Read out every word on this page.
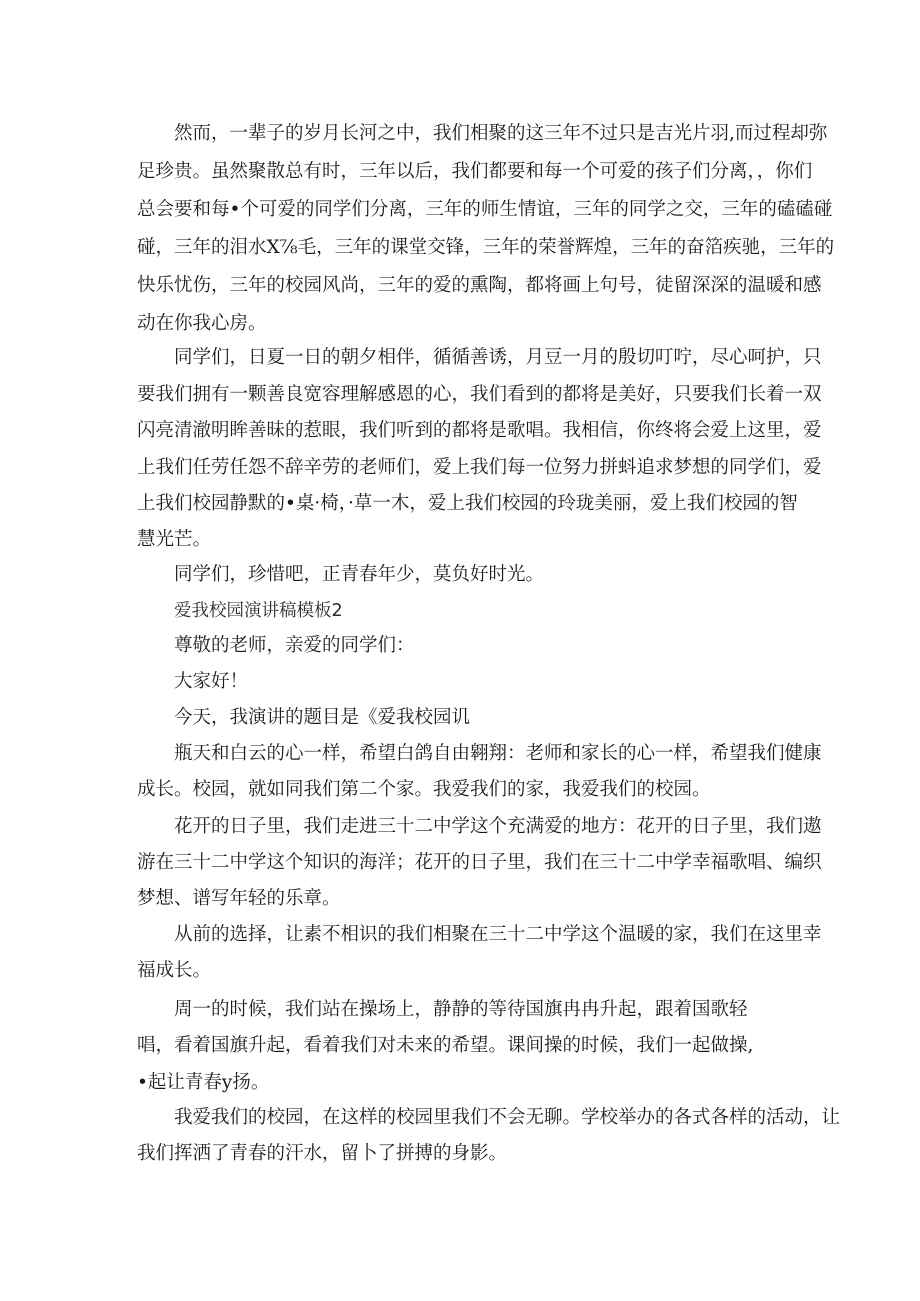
然而，一辈子的岁月长河之中，我们相聚的这三年不过只是吉光片羽,而过程却弥
足珍贵。虽然聚散总有时，三年以后，我们都要和每一个可爱的孩子们分离，，你们
总会要和每•个可爱的同学们分离，三年的师生情谊，三年的同学之交，三年的磕磕碰
碰，三年的泪水X⅞毛，三年的课堂交锋，三年的荣誉辉煌，三年的奋箔疾驰，三年的
快乐忧伤，三年的校园风尚，三年的爱的熏陶，都将画上句号，徒留深深的温暖和感
动在你我心房。
同学们，日夏一日的朝夕相伴，循循善诱，月豆一月的殷切叮咛，尽心呵护，只
要我们拥有一颗善良宽容理解感恩的心，我们看到的都将是美好，只要我们长着一双
闪亮清澈明眸善昧的惹眼，我们听到的都将是歌唱。我相信，你终将会爱上这里，爱
上我们任劳任怨不辞辛劳的老师们，爱上我们每一位努力拼蚪追求梦想的同学们，爱
上我们校园静默的•桌·椅，·草一木，爱上我们校园的玲珑美丽，爱上我们校园的智
慧光芒。
同学们，珍惜吧，正青春年少，莫负好时光。
爱我校园演讲稿模板2
尊敬的老师，亲爱的同学们：
大家好！
今天，我演讲的题目是《爱我校园讥
瓶天和白云的心一样，希望白鸽自由翱翔：老师和家长的心一样，希望我们健康
成长。校园，就如同我们第二个家。我爱我们的家，我爱我们的校园。
花开的日子里，我们走进三十二中学这个充满爱的地方：花开的日子里，我们遨
游在三十二中学这个知识的海洋；花开的日子里，我们在三十二中学幸福歌唱、编织
梦想、谱写年轻的乐章。
从前的选择，让素不相识的我们相聚在三十二中学这个温暖的家，我们在这里幸
福成长。
周一的时候，我们站在操场上，静静的等待国旗冉冉升起，跟着国歌轻
唱，看着国旗升起，看着我们对未来的希望。课间操的时候，我们一起做操,
•起让青春y扬。
我爱我们的校园，在这样的校园里我们不会无聊。学校举办的各式各样的活动，让
我们挥洒了青春的汗水，留卜了拼搏的身影。
